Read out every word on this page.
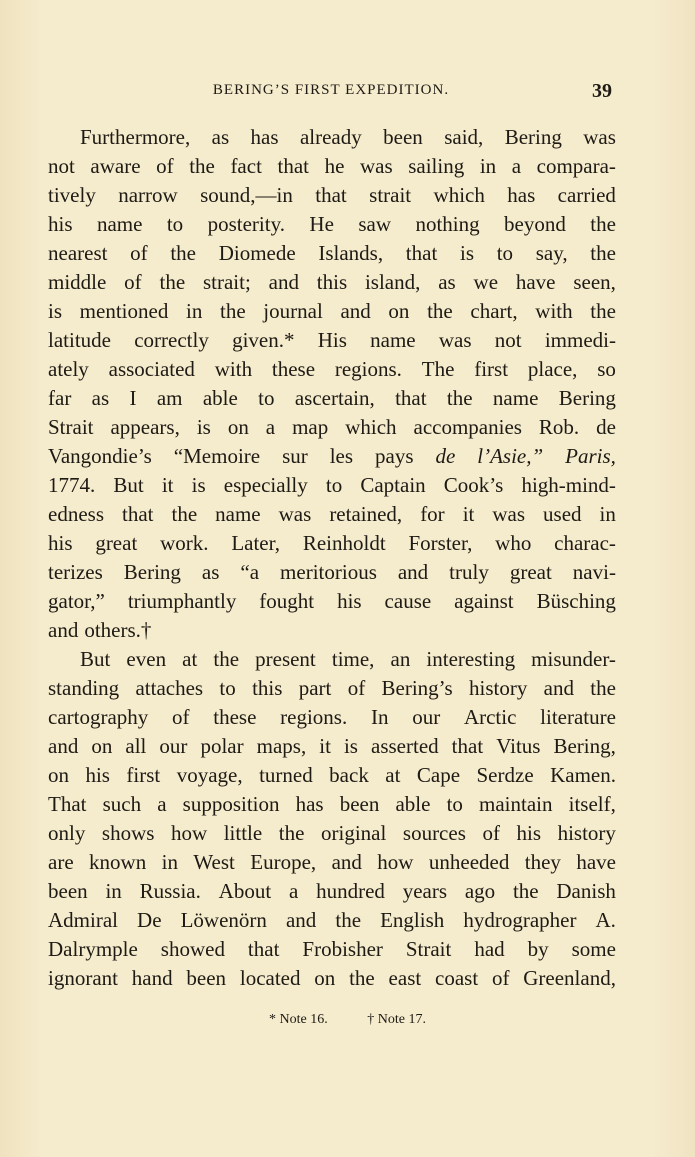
BERING’S FIRST EXPEDITION.	39
Furthermore, as has already been said, Bering was
not aware of the fact that he was sailing in a compara-
tively narrow sound,—in that strait which has carried
his name to posterity. He saw nothing beyond the
nearest of the Diomede Islands, that is to say, the
middle of the strait; and this island, as we have seen,
is mentioned in the journal and on the chart, with the
latitude correctly given.* His name was not immedi-
ately associated with these regions. The first place, so
far as I am able to ascertain, that the name Bering
Strait appears, is on a map which accompanies Rob. de
Vangondie’s “Memoire sur les pays de l’Asie,” Paris,
1774. But it is especially to Captain Cook’s high-mind-
edness that the name was retained, for it was used in
his great work. Later, Reinholdt Forster, who charac-
terizes Bering as “a meritorious and truly great navi-
gator,” triumphantly fought his cause against Büsching
and others.†
But even at the present time, an interesting misunder-
standing attaches to this part of Bering’s history and the
cartography of these regions. In our Arctic literature
and on all our polar maps, it is asserted that Vitus Bering,
on his first voyage, turned back at Cape Serdze Kamen.
That such a supposition has been able to maintain itself,
only shows how little the original sources of his history
are known in West Europe, and how unheeded they have
been in Russia. About a hundred years ago the Danish
Admiral De Löwenörn and the English hydrographer A.
Dalrymple showed that Frobisher Strait had by some
ignorant hand been located on the east coast of Greenland,
* Note 16.	† Note 17.
